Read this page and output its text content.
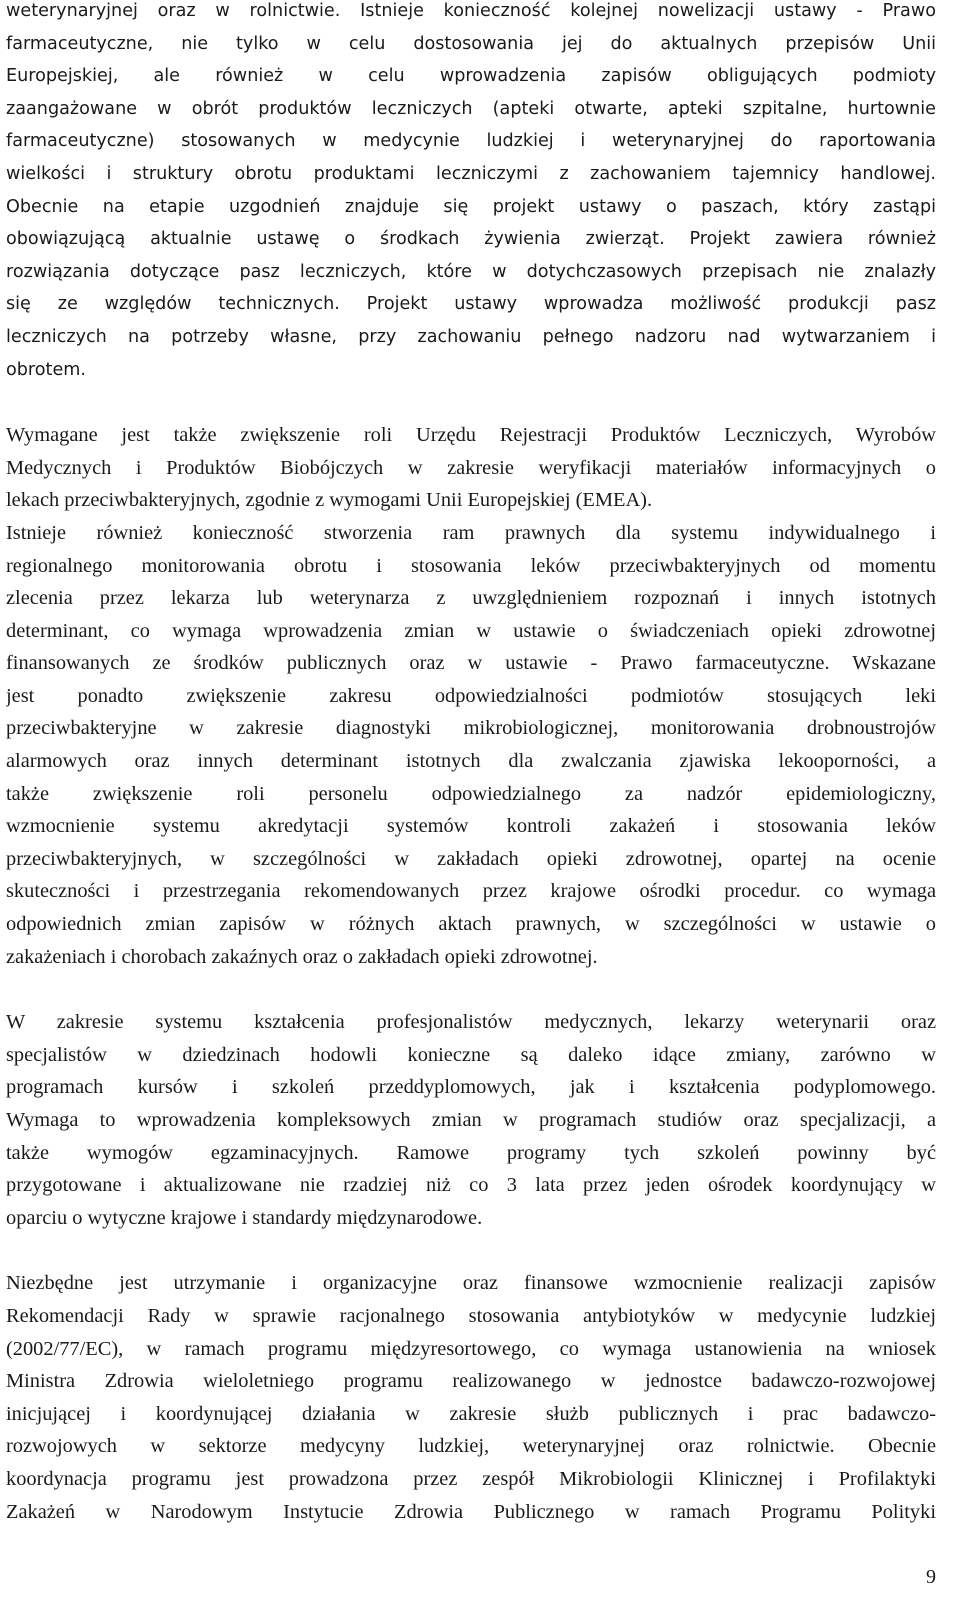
weterynaryjnej oraz w rolnictwie. Istnieje konieczność kolejnej nowelizacji ustawy - Prawo
farmaceutyczne, nie tylko w celu dostosowania jej do aktualnych przepisów Unii
Europejskiej, ale również w celu wprowadzenia zapisów obligujących podmioty
zaangażowane w obrót produktów leczniczych (apteki otwarte, apteki szpitalne, hurtownie
farmaceutyczne) stosowanych w medycynie ludzkiej i weterynaryjnej do raportowania
wielkości i struktury obrotu produktami leczniczymi z zachowaniem tajemnicy handlowej.
Obecnie na etapie uzgodnień znajduje się projekt ustawy o paszach, który zastąpi
obowiązującą aktualnie ustawę o środkach żywienia zwierząt. Projekt zawiera również
rozwiązania dotyczące pasz leczniczych, które w dotychczasowych przepisach nie znalazły
się ze względów technicznych. Projekt ustawy wprowadza możliwość produkcji pasz
leczniczych na potrzeby własne, przy zachowaniu pełnego nadzoru nad wytwarzaniem i
obrotem.
Wymagane jest także zwiększenie roli Urzędu Rejestracji Produktów Leczniczych, Wyrobów
Medycznych i Produktów Biobójczych w zakresie weryfikacji materiałów informacyjnych o
lekach przeciwbakteryjnych, zgodnie z wymogami Unii Europejskiej (EMEA).
Istnieje również konieczność stworzenia ram prawnych dla systemu indywidualnego i
regionalnego monitorowania obrotu i stosowania leków przeciwbakteryjnych od momentu
zlecenia przez lekarza lub weterynarza z uwzględnieniem rozpoznań i innych istotnych
determinant, co wymaga wprowadzenia zmian w ustawie o świadczeniach opieki zdrowotnej
finansowanych ze środków publicznych oraz w ustawie - Prawo farmaceutyczne. Wskazane
jest ponadto zwiększenie zakresu odpowiedzialności podmiotów stosujących leki
przeciwbakteryjne w zakresie diagnostyki mikrobiologicznej, monitorowania drobnoustrojów
alarmowych oraz innych determinant istotnych dla zwalczania zjawiska lekooporności, a
także zwiększenie roli personelu odpowiedzialnego za nadzór epidemiologiczny,
wzmocnienie systemu akredytacji systemów kontroli zakażeń i stosowania leków
przeciwbakteryjnych, w szczególności w zakładach opieki zdrowotnej, opartej na ocenie
skuteczności i przestrzegania rekomendowanych przez krajowe ośrodki procedur. co wymaga
odpowiednich zmian zapisów w różnych aktach prawnych, w szczególności w ustawie o
zakażeniach i chorobach zakaźnych oraz o zakładach opieki zdrowotnej.
W zakresie systemu kształcenia profesjonalistów medycznych, lekarzy weterynarii oraz
specjalistów w dziedzinach hodowli konieczne są daleko idące zmiany, zarówno w
programach kursów i szkoleń przeddyplomowych, jak i kształcenia podyplomowego.
Wymaga to wprowadzenia kompleksowych zmian w programach studiów oraz specjalizacji, a
także wymogów egzaminacyjnych. Ramowe programy tych szkoleń powinny być
przygotowane i aktualizowane nie rzadziej niż co 3 lata przez jeden ośrodek koordynujący w
oparciu o wytyczne krajowe i standardy międzynarodowe.
Niezbędne jest utrzymanie i organizacyjne oraz finansowe wzmocnienie realizacji zapisów
Rekomendacji Rady w sprawie racjonalnego stosowania antybiotyków w medycynie ludzkiej
(2002/77/EC), w ramach programu międzyresortowego, co wymaga ustanowienia na wniosek
Ministra Zdrowia wieloletniego programu realizowanego w jednostce badawczo-rozwojowej
inicjującej i koordynującej działania w zakresie służb publicznych i prac badawczo-
rozwojowych w sektorze medycyny ludzkiej, weterynaryjnej oraz rolnictwie. Obecnie
koordynacja programu jest prowadzona przez zespół Mikrobiologii Klinicznej i Profilaktyki
Zakażeń w Narodowym Instytucie Zdrowia Publicznego w ramach Programu Polityki
9
